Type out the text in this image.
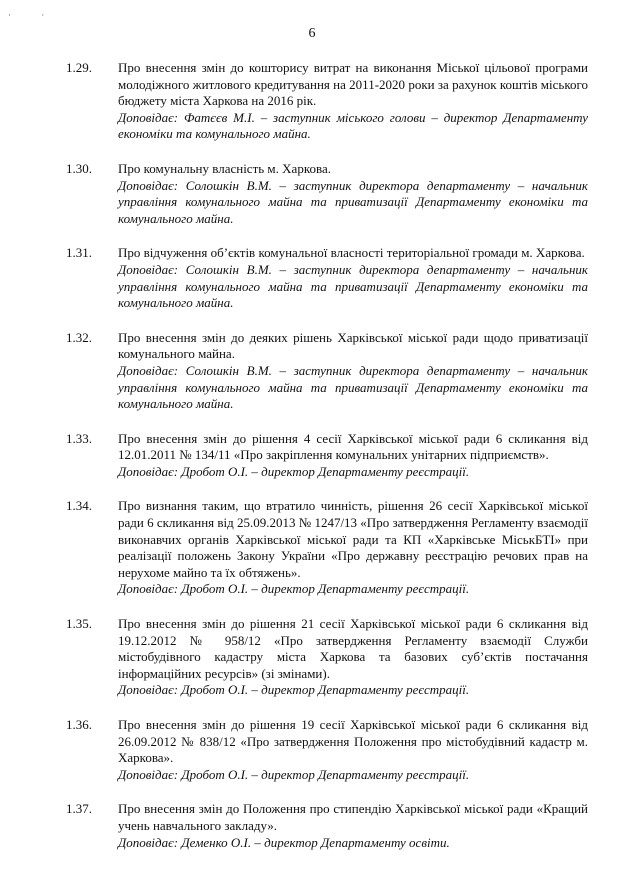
· ·
6
1.29. Про внесення змін до кошторису витрат на виконання Міської цільової програми молодіжного житлового кредитування на 2011-2020 роки за рахунок коштів міського бюджету міста Харкова на 2016 рік.
Доповідає: Фатєєв М.І. – заступник міського голови – директор Департаменту економіки та комунального майна.
1.30. Про комунальну власність м. Харкова.
Доповідає: Солошкін В.М. – заступник директора департаменту – начальник управління комунального майна та приватизації Департаменту економіки та комунального майна.
1.31. Про відчуження об’єктів комунальної власності територіальної громади м. Харкова.
Доповідає: Солошкін В.М. – заступник директора департаменту – начальник управління комунального майна та приватизації Департаменту економіки та комунального майна.
1.32. Про внесення змін до деяких рішень Харківської міської ради щодо приватизації комунального майна.
Доповідає: Солошкін В.М. – заступник директора департаменту – начальник управління комунального майна та приватизації Департаменту економіки та комунального майна.
1.33. Про внесення змін до рішення 4 сесії Харківської міської ради 6 скликання від 12.01.2011 № 134/11 «Про закріплення комунальних унітарних підприємств».
Доповідає: Дробот О.І. – директор Департаменту реєстрації.
1.34. Про визнання таким, що втратило чинність, рішення 26 сесії Харківської міської ради 6 скликання від 25.09.2013 № 1247/13 «Про затвердження Регламенту взаємодії виконавчих органів Харківської міської ради та КП «Харківське МіськБТІ» при реалізації положень Закону України «Про державну реєстрацію речових прав на нерухоме майно та їх обтяжень».
Доповідає: Дробот О.І. – директор Департаменту реєстрації.
1.35. Про внесення змін до рішення 21 сесії Харківської міської ради 6 скликання від 19.12.2012 № 958/12 «Про затвердження Регламенту взаємодії Служби містобудівного кадастру міста Харкова та базових суб’єктів постачання інформаційних ресурсів» (зі змінами).
Доповідає: Дробот О.І. – директор Департаменту реєстрації.
1.36. Про внесення змін до рішення 19 сесії Харківської міської ради 6 скликання від 26.09.2012 № 838/12 «Про затвердження Положення про містобудівний кадастр м. Харкова».
Доповідає: Дробот О.І. – директор Департаменту реєстрації.
1.37. Про внесення змін до Положення про стипендію Харківської міської ради «Кращий учень навчального закладу».
Доповідає: Деменко О.І. – директор Департаменту освіти.
